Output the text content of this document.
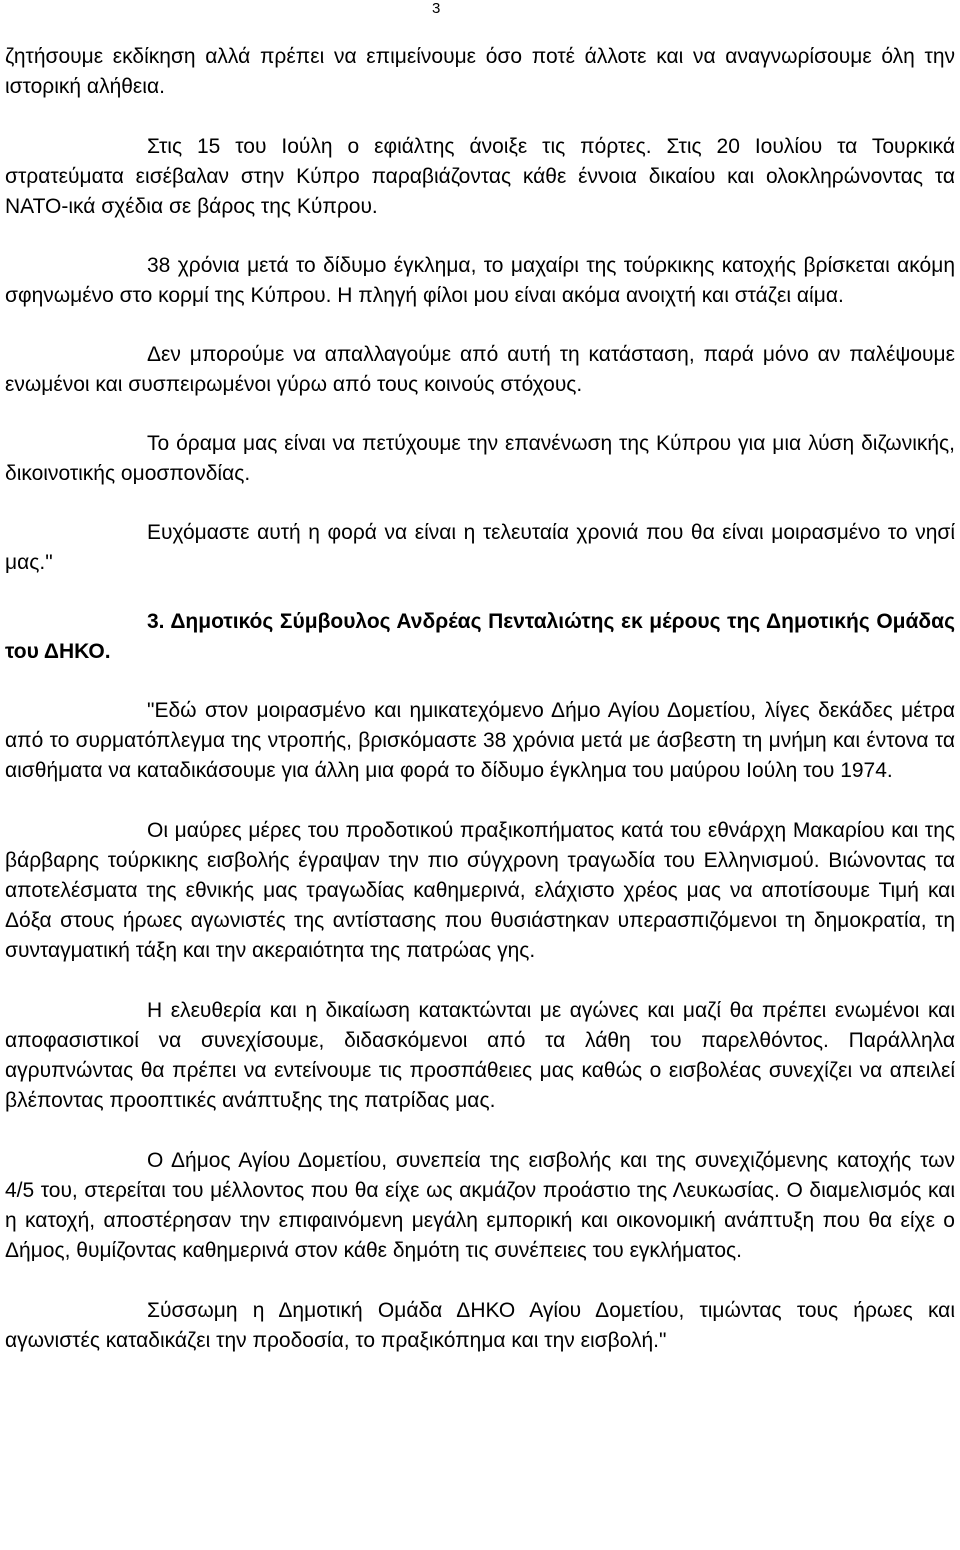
3

ζητήσουμε εκδίκηση αλλά πρέπει να επιμείνουμε όσο ποτέ άλλοτε και να αναγνωρίσουμε όλη την ιστορική αλήθεια.

Στις 15 του Ιούλη ο εφιάλτης άνοιξε τις πόρτες. Στις 20 Ιουλίου τα Τουρκικά στρατεύματα εισέβαλαν στην Κύπρο παραβιάζοντας κάθε έννοια δικαίου και ολοκληρώνοντας τα ΝΑΤΟ-ικά σχέδια σε βάρος της Κύπρου.

38 χρόνια μετά το δίδυμο έγκλημα, το μαχαίρι της τούρκικης κατοχής βρίσκεται ακόμη σφηνωμένο στο κορμί της Κύπρου. Η πληγή φίλοι μου είναι ακόμα ανοιχτή και στάζει αίμα.

Δεν μπορούμε να απαλλαγούμε από αυτή τη κατάσταση, παρά μόνο αν παλέψουμε ενωμένοι και συσπειρωμένοι γύρω από τους κοινούς στόχους.

Το όραμα μας είναι να πετύχουμε την επανένωση της Κύπρου για μια λύση διζωνικής, δικοινοτικής ομοσπονδίας.

Ευχόμαστε αυτή η φορά να είναι η τελευταία χρονιά που θα είναι μοιρασμένο το νησί μας."

3. Δημοτικός Σύμβουλος Ανδρέας Πενταλιώτης εκ μέρους της Δημοτικής Ομάδας του ΔΗΚΟ.

"Εδώ στον μοιρασμένο και ημικατεχόμενο Δήμο Αγίου Δομετίου, λίγες δεκάδες μέτρα από το συρματόπλεγμα της ντροπής, βρισκόμαστε 38 χρόνια μετά με άσβεστη τη μνήμη και έντονα τα αισθήματα να καταδικάσουμε για άλλη μια φορά το δίδυμο έγκλημα του μαύρου Ιούλη του 1974.

Οι μαύρες μέρες του προδοτικού πραξικοπήματος κατά του εθνάρχη Μακαρίου και της βάρβαρης τούρκικης εισβολής έγραψαν την πιο σύγχρονη τραγωδία του Ελληνισμού. Βιώνοντας τα αποτελέσματα της εθνικής μας τραγωδίας καθημερινά, ελάχιστο χρέος μας να αποτίσουμε Τιμή και Δόξα στους ήρωες αγωνιστές της αντίστασης που θυσιάστηκαν υπερασπιζόμενοι τη δημοκρατία, τη συνταγματική τάξη και την ακεραιότητα της πατρώας γης.

Η ελευθερία και η δικαίωση κατακτώνται με αγώνες και μαζί θα πρέπει ενωμένοι και αποφασιστικοί να συνεχίσουμε, διδασκόμενοι από τα λάθη του παρελθόντος. Παράλληλα αγρυπνώντας θα πρέπει να εντείνουμε τις προσπάθειες μας καθώς ο εισβολέας συνεχίζει να απειλεί βλέποντας προοπτικές ανάπτυξης της πατρίδας μας.

Ο Δήμος Αγίου Δομετίου, συνεπεία της εισβολής και της συνεχιζόμενης κατοχής των 4/5 του, στερείται του μέλλοντος που θα είχε ως ακμάζον προάστιο της Λευκωσίας. Ο διαμελισμός και η κατοχή, αποστέρησαν την επιφαινόμενη μεγάλη εμπορική και οικονομική ανάπτυξη που θα είχε ο Δήμος, θυμίζοντας καθημερινά στον κάθε δημότη τις συνέπειες του εγκλήματος.

Σύσσωμη η Δημοτική Ομάδα ΔΗΚΟ Αγίου Δομετίου, τιμώντας τους ήρωες και αγωνιστές καταδικάζει την προδοσία, το πραξικόπημα και την εισβολή."
